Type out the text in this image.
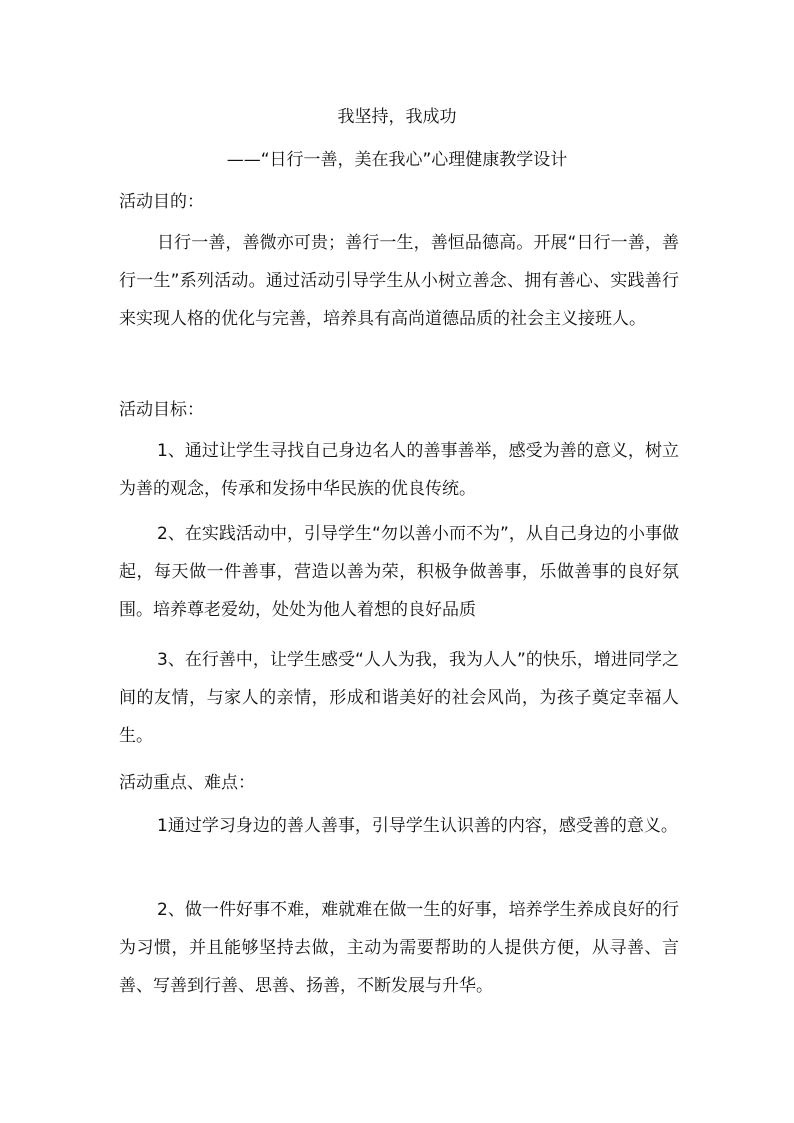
我坚持，我成功
——“日行一善，美在我心”心理健康教学设计
活动目的：

日行一善，善微亦可贵；善行一生，善恒品德高。开展“日行一善，善行一生”系列活动。通过活动引导学生从小树立善念、拥有善心、实践善行来实现人格的优化与完善，培养具有高尚道德品质的社会主义接班人。

活动目标：

1、通过让学生寻找自己身边名人的善事善举，感受为善的意义，树立为善的观念，传承和发扬中华民族的优良传统。

2、在实践活动中，引导学生“勿以善小而不为”，从自己身边的小事做起，每天做一件善事，营造以善为荣，积极争做善事，乐做善事的良好氛围。培养尊老爱幼，处处为他人着想的良好品质

3、在行善中，让学生感受“人人为我，我为人人”的快乐，增进同学之间的友情，与家人的亲情，形成和谐美好的社会风尚，为孩子奠定幸福人生。

活动重点、难点：

1通过学习身边的善人善事，引导学生认识善的内容，感受善的意义。

2、做一件好事不难，难就难在做一生的好事，培养学生养成良好的行为习惯，并且能够坚持去做，主动为需要帮助的人提供方便，从寻善、言善、写善到行善、思善、扬善，不断发展与升华。
